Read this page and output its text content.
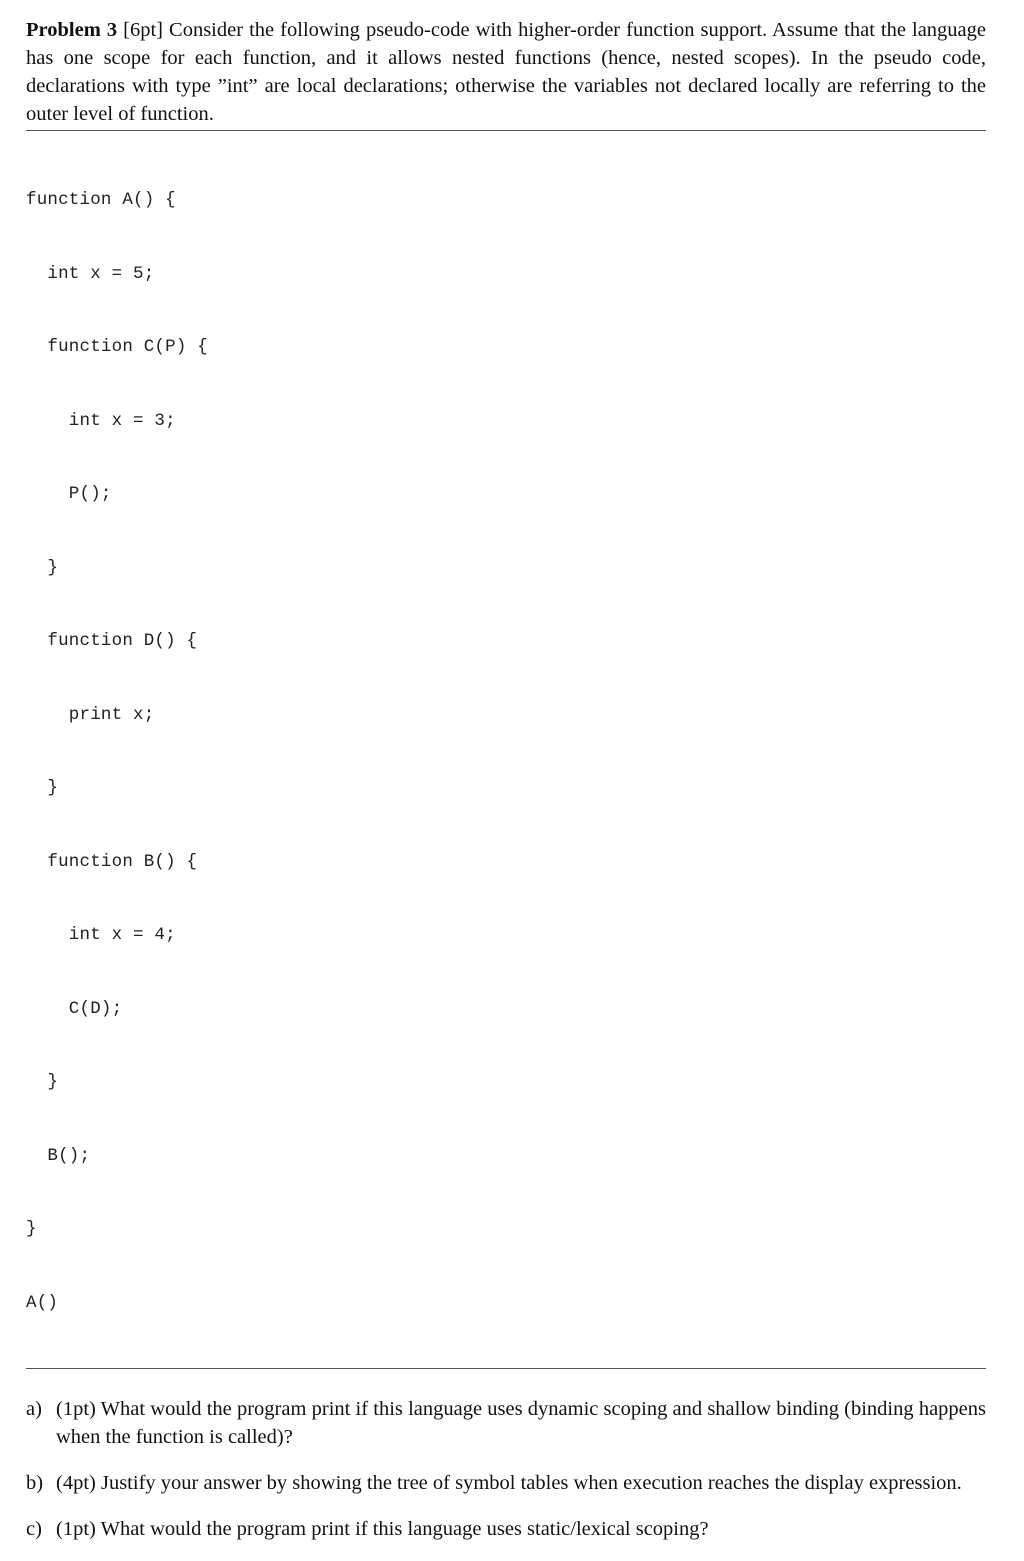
Problem 3 [6pt] Consider the following pseudo-code with higher-order function support. Assume that the language has one scope for each function, and it allows nested functions (hence, nested scopes). In the pseudo code, declarations with type ”int” are local declarations; otherwise the variables not declared locally are referring to the outer level of function.

function A() {

int x = 5;

function C(P) {

int x = 3;

P();

}

function D() {

print x;

}

function B() {

int x = 4;

C(D);

}

B();

}

A()

a) (1pt) What would the program print if this language uses dynamic scoping and shallow binding (binding happens when the function is called)?
b) (4pt) Justify your answer by showing the tree of symbol tables when execution reaches the display expression.
c) (1pt) What would the program print if this language uses static/lexical scoping?
